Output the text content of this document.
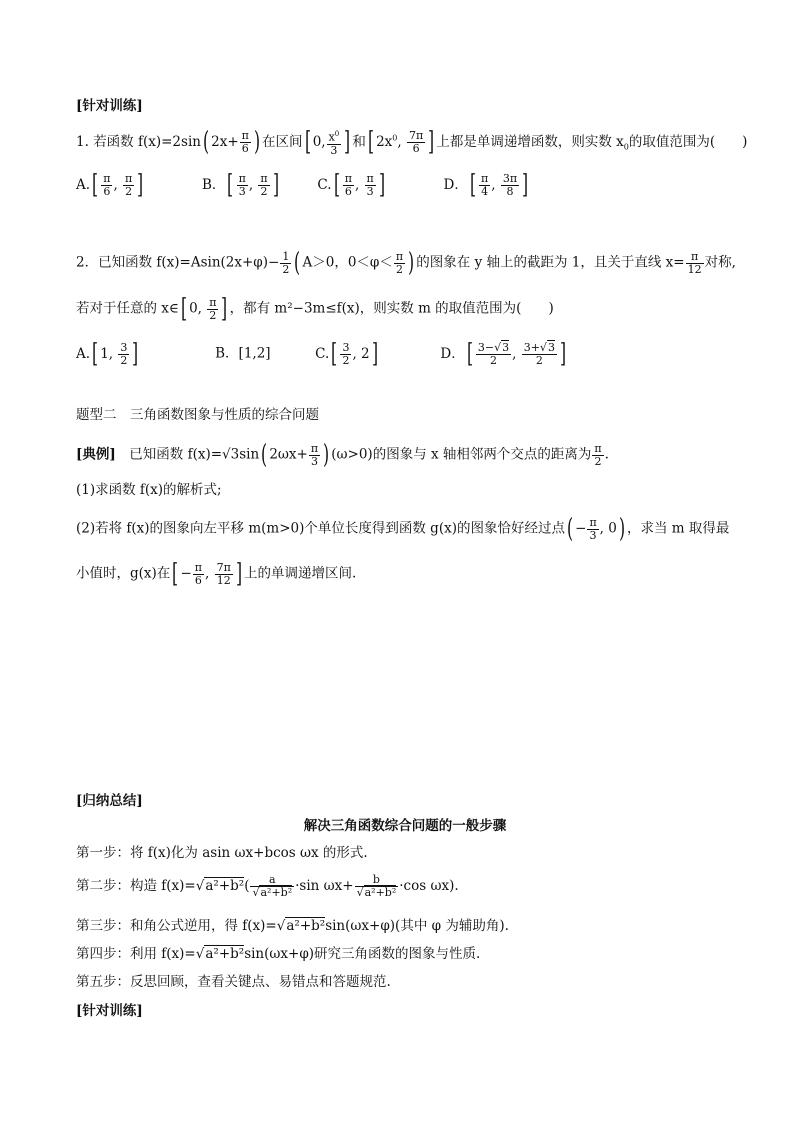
[针对训练]
1. 若函数 f(x)=2sin( $2x+ \frac{\pi}{6}$ ) 在区间[ 0, $\frac{x^0}{3}$ ] 和[ $2x^0$, $\frac{7\pi}{6}$ ] 上都是单调递增函数，则实数 $x_0$的取值范围为(　　)
$A.[ \frac{\pi}{6}$ , $\frac{\pi}{2}$ ]	B．[ $\frac{\pi}{3}$ , $\frac{\pi}{2}$ ]	$C.[ \frac{\pi}{6}$ , $\frac{\pi}{3}$ ]	D．[ $\frac{\pi}{4}$ , $\frac{3\pi}{8}$ ]
2．已知函数 $f(x)=Asin(2x+\varphi)- \frac{1}{2}$ ( A＞0，$0<\varphi< \frac{\pi}{2}$ ) 的图象在 y 轴上的截距为 1，且关于直线 $x= \frac{\pi}{12}$ 对称,
若对于任意的 x∈[ 0, $\frac{\pi}{2}$ ] ，都有 m²−3m≤f(x)，则实数 m 的取值范围为(　　)
A.[ 1, $\frac{3}{2}$ ]	B．[1,2]	$C.[ \frac{3}{2}$ , 2]	D．[ $\frac{3-√3}{2}$ , $\frac{3+√3}{2}$ ]
题型二　三角函数图象与性质的综合问题
[典例]　 已知函数 f(x)=√3sin( $2\omega x+ \frac{\pi}{3}$ ) (ω>0)的图象与 x 轴相邻两个交点的距离为 $\frac{\pi}{2}$ .
(1)求函数 f(x)的解析式;
(2)若将 f(x)的图象向左平移 m(m>0)个单位长度得到函数 g(x)的图象恰好经过点( − $\frac{\pi}{3}$ , 0) ，求当 m 取得最
小值时，g(x)在[ − $\frac{\pi}{6}$ , $\frac{7\pi}{12}$ ] 上的单调递增区间.
[归纳总结]
解决三角函数综合问题的一般步骤
第一步：将 f(x)化为 asin ωx+bcos ωx 的形式.
第二步：构造 $f(x)=√a^2+b^2( \frac{a}{\text{√a²+b²}} \cdot\sin$ $\omega x+ \frac{b}{\text{√a²+b²}} \cdot\cos$ ωx).
第三步：和角公式逆用，得 f(x)=√a²+b²sin(ωx+φ)(其中 φ 为辅助角).
第四步：利用 f(x)=√a²+b²sin(ωx+φ)研究三角函数的图象与性质.
第五步：反思回顾，查看关键点、易错点和答题规范.
[针对训练]
